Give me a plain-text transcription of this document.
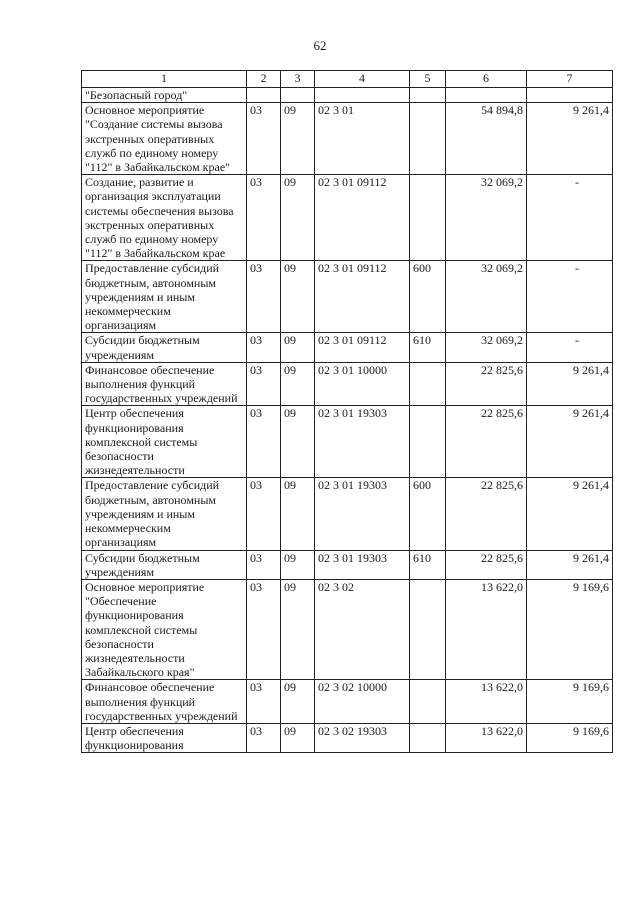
62
1	2	3	4	5	6	7
"Безопасный город"						
Основное мероприятие "Создание системы вызова экстренных оперативных служб по единому номеру "112" в Забайкальском крае"	03	09	02 3 01		54 894,8	9 261,4
Создание, развитие и организация эксплуатации системы обеспечения вызова экстренных оперативных служб по единому номеру "112" в Забайкальском крае	03	09	02 3 01 09112		32 069,2	-
Предоставление субсидий бюджетным, автономным учреждениям и иным некоммерческим организациям	03	09	02 3 01 09112	600	32 069,2	-
Субсидии бюджетным учреждениям	03	09	02 3 01 09112	610	32 069,2	-
Финансовое обеспечение выполнения функций государственных учреждений	03	09	02 3 01 10000		22 825,6	9 261,4
Центр обеспечения функционирования комплексной системы безопасности жизнедеятельности	03	09	02 3 01 19303		22 825,6	9 261,4
Предоставление субсидий бюджетным, автономным учреждениям и иным некоммерческим организациям	03	09	02 3 01 19303	600	22 825,6	9 261,4
Субсидии бюджетным учреждениям	03	09	02 3 01 19303	610	22 825,6	9 261,4
Основное мероприятие "Обеспечение функционирования комплексной системы безопасности жизнедеятельности Забайкальского края"	03	09	02 3 02		13 622,0	9 169,6
Финансовое обеспечение выполнения функций государственных учреждений	03	09	02 3 02 10000		13 622,0	9 169,6
Центр обеспечения функционирования	03	09	02 3 02 19303		13 622,0	9 169,6
